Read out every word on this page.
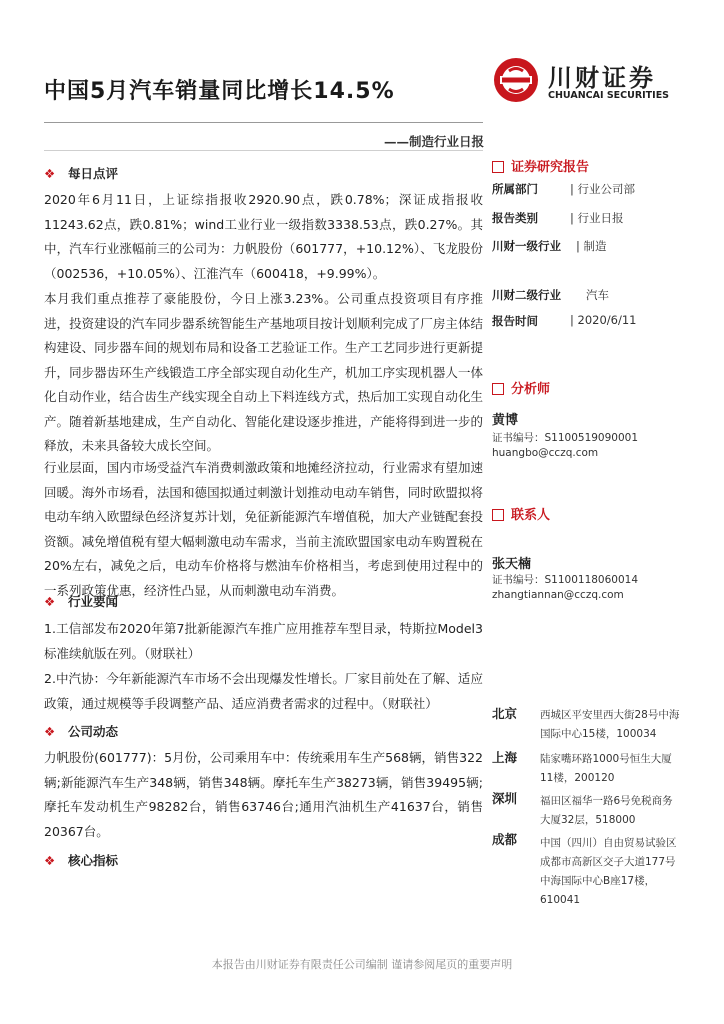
中国5月汽车销量同比增长14.5%	川财证券
CHUANCAI SECURITIES
——制造行业日报
❖ 每日点评

2020年6月11日，上证综指报收2920.90点，跌0.78%；深证成指报收11243.62点，跌0.81%；wind工业行业一级指数3338.53点，跌0.27%。其中，汽车行业涨幅前三的公司为：力帆股份（601777，+10.12%）、飞龙股份（002536，+10.05%）、江淮汽车（600418，+9.99%）。

本月我们重点推荐了豪能股份，今日上涨3.23%。公司重点投资项目有序推进，投资建设的汽车同步器系统智能生产基地项目按计划顺利完成了厂房主体结构建设、同步器车间的规划布局和设备工艺验证工作。生产工艺同步进行更新提升，同步器齿环生产线锻造工序全部实现自动化生产，机加工序实现机器人一体化自动作业，结合齿生产线实现全自动上下料连线方式，热后加工实现自动化生产。随着新基地建成，生产自动化、智能化建设逐步推进，产能将得到进一步的释放，未来具备较大成长空间。

行业层面，国内市场受益汽车消费刺激政策和地摊经济拉动，行业需求有望加速回暖。海外市场看，法国和德国拟通过刺激计划推动电动车销售，同时欧盟拟将电动车纳入欧盟绿色经济复苏计划，免征新能源汽车增值税，加大产业链配套投资额。减免增值税有望大幅刺激电动车需求，当前主流欧盟国家电动车购置税在20%左右，减免之后，电动车价格将与燃油车价格相当，考虑到使用过程中的一系列政策优惠，经济性凸显，从而刺激电动车消费。

❖ 行业要闻

1.工信部发布2020年第7批新能源汽车推广应用推荐车型目录，特斯拉Model3标准续航版在列。（财联社）

2.中汽协：今年新能源汽车市场不会出现爆发性增长。厂家目前处在了解、适应政策，通过规模等手段调整产品、适应消费者需求的过程中。（财联社）

❖ 公司动态

力帆股份(601777)：5月份，公司乘用车中：传统乘用车生产568辆，销售322辆;新能源汽车生产348辆，销售348辆。摩托车生产38273辆，销售39495辆;摩托车发动机生产98282台，销售63746台;通用汽油机生产41637台，销售20367台。

❖ 核心指标
证券研究报告
所属部门	| 行业公司部
报告类别	| 行业日报
川财一级行业 | 制造
川财二级行业 汽车
报告时间	| 2020/6/11
分析师
黄博
证书编号：S1100519090001
huangbo@cczq.com
联系人
张天楠
证书编号：S1100118060014
zhangtiannan@cczq.com
北京 西城区平安里西大街28号中海国际中心15楼，100034
上海 陆家嘴环路1000号恒生大厦11楼，200120
深圳 福田区福华一路6号免税商务大厦32层，518000
成都 中国（四川）自由贸易试验区成都市高新区交子大道177号中海国际中心B座17楼，610041
本报告由川财证券有限责任公司编制 谨请参阅尾页的重要声明
